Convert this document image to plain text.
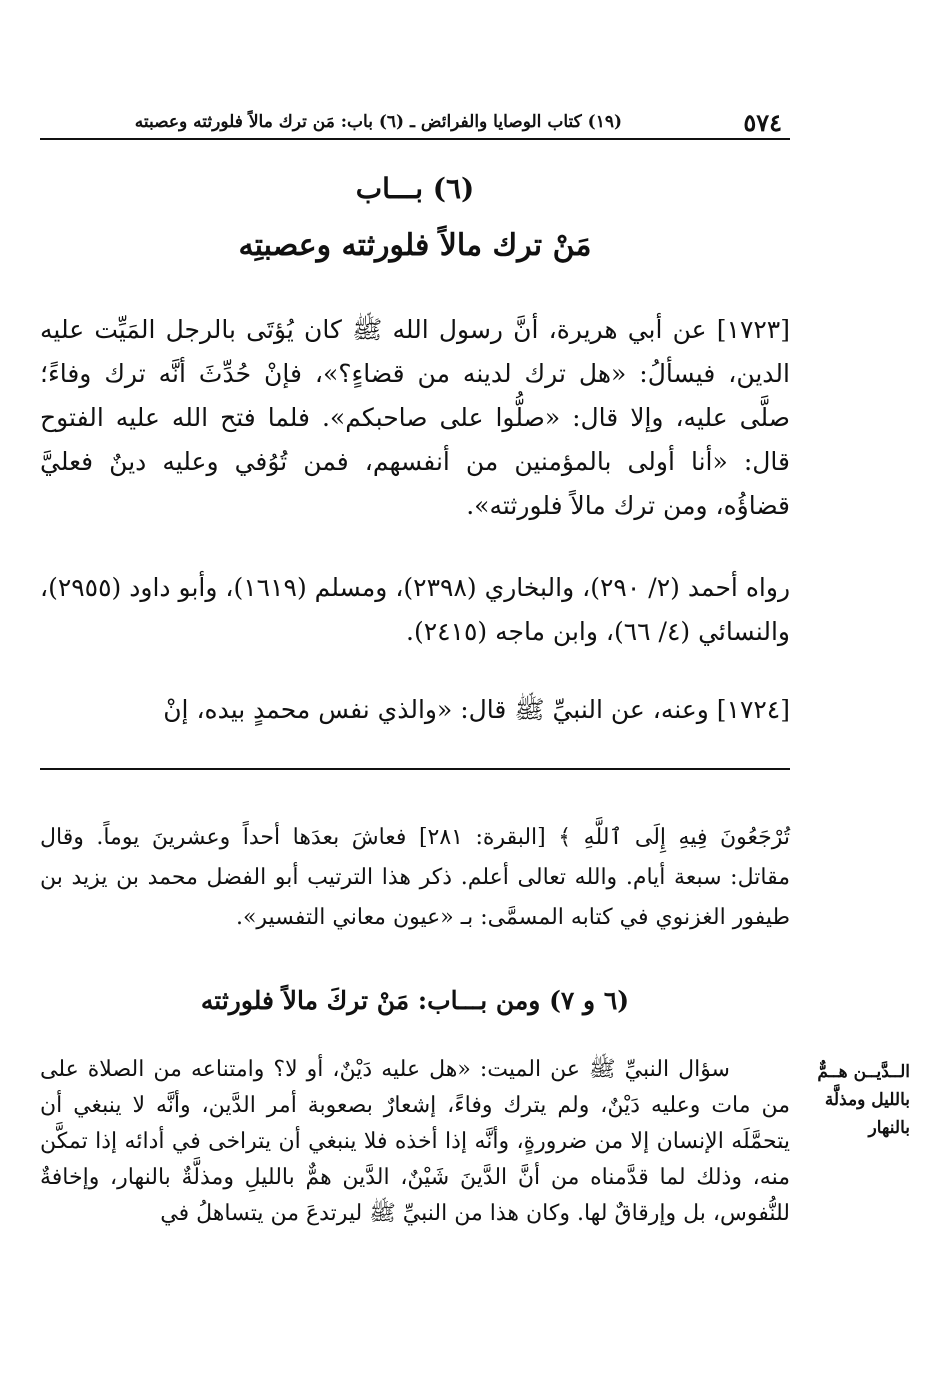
٥٧٤
(١٩) كتاب الوصايا والفرائض ـ (٦) باب: مَن ترك مالاً فلورثته وعصبته
(٦) بـــاب
مَنْ ترك مالاً فلورثته وعصبتِه
[١٧٢٣] عن أبي هريرة، أنَّ رسول الله ﷺ كان يُؤتَى بالرجل المَيِّت عليه الدين، فيسألُ: «هل ترك لدينه من قضاءٍ؟»، فإنْ حُدِّثَ أنَّه ترك وفاءً؛ صلَّى عليه، وإلا قال: «صلُّوا على صاحبكم». فلما فتح الله عليه الفتوح قال: «أنا أولى بالمؤمنين من أنفسهم، فمن تُوُفي وعليه دينٌ فعليَّ قضاؤُه، ومن ترك مالاً فلورثته».
رواه أحمد (٢/ ٢٩٠)، والبخاري (٢٣٩٨)، ومسلم (١٦١٩)، وأبو داود (٢٩٥٥)، والنسائي (٤/ ٦٦)، وابن ماجه (٢٤١٥).
[١٧٢٤] وعنه، عن النبيِّ ﷺ قال: «والذي نفس محمدٍ بيده، إنْ
تُرْجَعُونَ فِيهِ إِلَى ٱللَّهِ ﴾ [البقرة: ٢٨١] فعاشَ بعدَها أحداً وعشرينَ يوماً. وقال مقاتل: سبعة أيام. والله تعالى أعلم. ذكر هذا الترتيب أبو الفضل محمد بن يزيد بن طيفور الغزنوي في كتابه المسمَّى: بـ «عيون معاني التفسير».
(٦ و ٧) ومن بـــاب: مَنْ تركَ مالاً فلورثته
سؤال النبيِّ ﷺ عن الميت: «هل عليه دَيْنٌ، أو لا؟ وامتناعه من الصلاة على من مات وعليه دَيْنٌ، ولم يترك وفاءً، إشعارٌ بصعوبة أمر الدَّين، وأنَّه لا ينبغي أن يتحمَّلَه الإنسان إلا من ضرورةٍ، وأنَّه إذا أخذه فلا ينبغي أن يتراخى في أدائه إذا تمكَّن منه، وذلك لما قدَّمناه من أنَّ الدَّينَ شَيْنٌ، الدَّين همٌّ بالليلِ ومذلَّةٌ بالنهار، وإخافةٌ للنُّفوس، بل وإرقاقٌ لها. وكان هذا من النبيِّ ﷺ ليرتدعَ من يتساهلُ في
الــدَّيــن هــمٌّ بالليل ومذلَّة بالنهار
